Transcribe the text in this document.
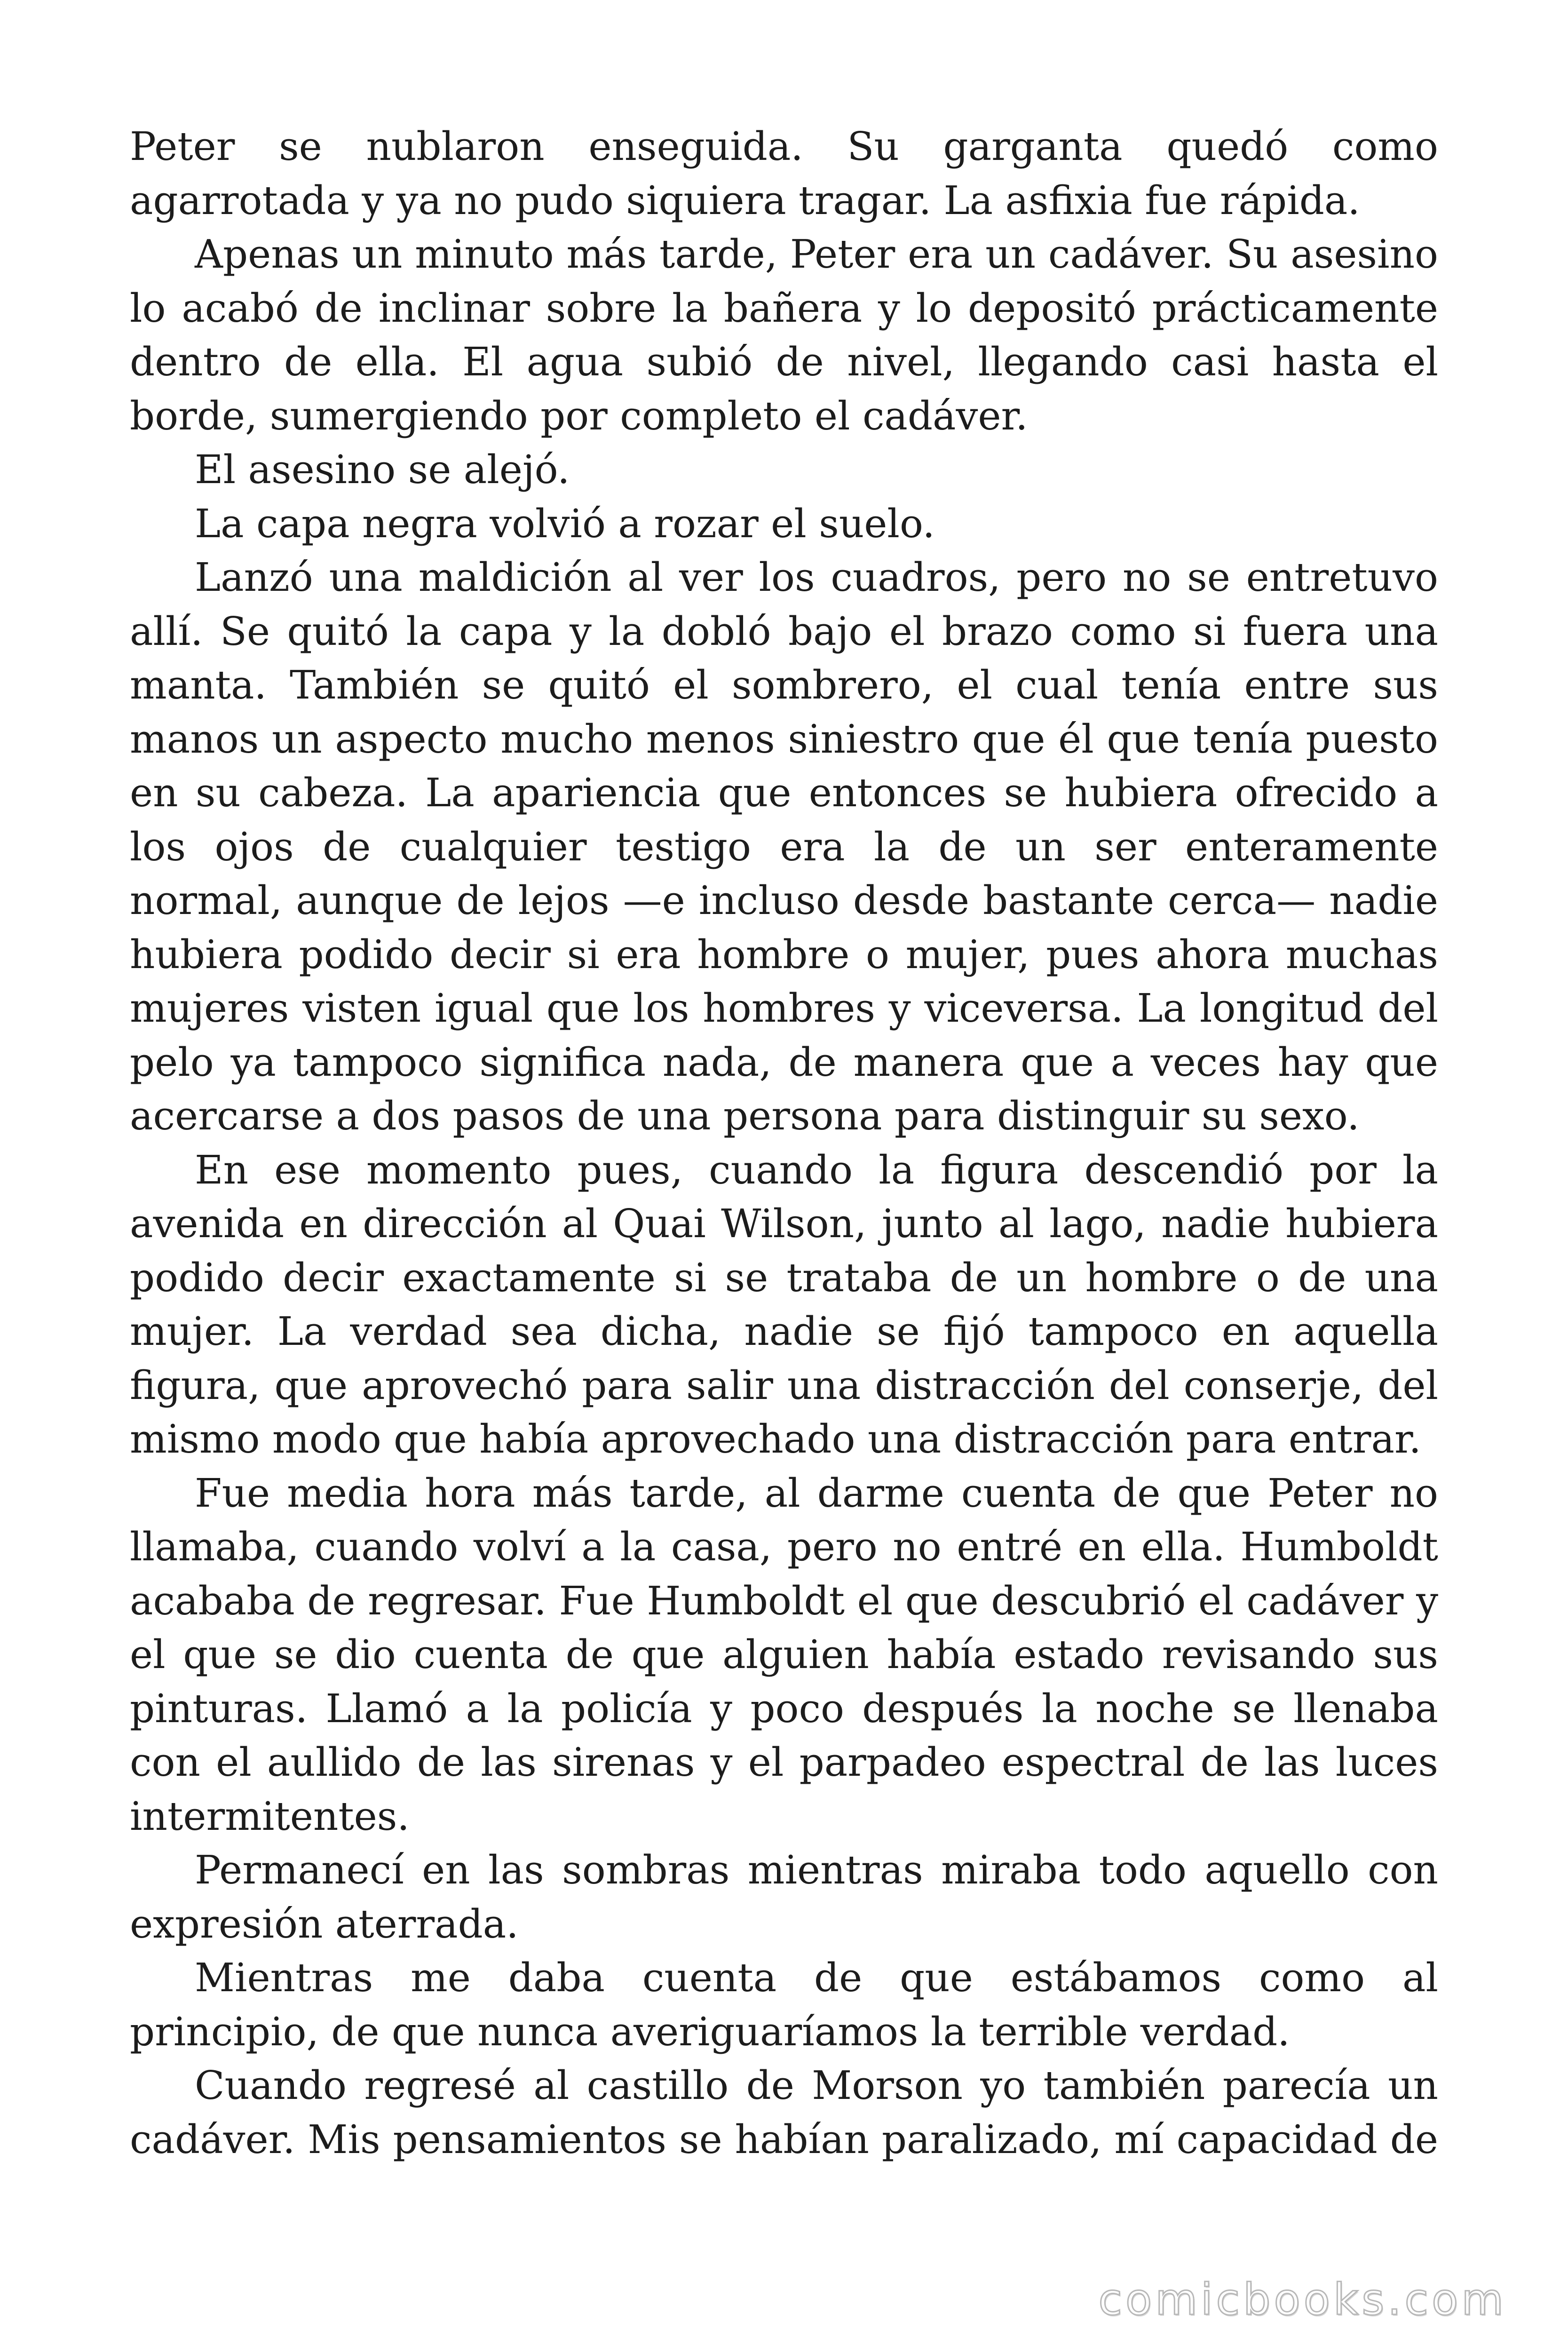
Peter se nublaron enseguida. Su garganta quedó como agarrotada y ya no pudo siquiera tragar. La asfixia fue rápida.

Apenas un minuto más tarde, Peter era un cadáver. Su asesino lo acabó de inclinar sobre la bañera y lo depositó prácticamente dentro de ella. El agua subió de nivel, llegando casi hasta el borde, sumergiendo por completo el cadáver.

El asesino se alejó.

La capa negra volvió a rozar el suelo.

Lanzó una maldición al ver los cuadros, pero no se entretuvo allí. Se quitó la capa y la dobló bajo el brazo como si fuera una manta. También se quitó el sombrero, el cual tenía entre sus manos un aspecto mucho menos siniestro que él que tenía puesto en su cabeza. La apariencia que entonces se hubiera ofrecido a los ojos de cualquier testigo era la de un ser enteramente normal, aunque de lejos —e incluso desde bastante cerca— nadie hubiera podido decir si era hombre o mujer, pues ahora muchas mujeres visten igual que los hombres y viceversa. La longitud del pelo ya tampoco significa nada, de manera que a veces hay que acercarse a dos pasos de una persona para distinguir su sexo.

En ese momento pues, cuando la figura descendió por la avenida en dirección al Quai Wilson, junto al lago, nadie hubiera podido decir exactamente si se trataba de un hombre o de una mujer. La verdad sea dicha, nadie se fijó tampoco en aquella figura, que aprovechó para salir una distracción del conserje, del mismo modo que había aprovechado una distracción para entrar.

Fue media hora más tarde, al darme cuenta de que Peter no llamaba, cuando volví a la casa, pero no entré en ella. Humboldt acababa de regresar. Fue Humboldt el que descubrió el cadáver y el que se dio cuenta de que alguien había estado revisando sus pinturas. Llamó a la policía y poco después la noche se llenaba con el aullido de las sirenas y el parpadeo espectral de las luces intermitentes.

Permanecí en las sombras mientras miraba todo aquello con expresión aterrada.

Mientras me daba cuenta de que estábamos como al principio, de que nunca averiguaríamos la terrible verdad.

Cuando regresé al castillo de Morson yo también parecía un cadáver. Mis pensamientos se habían paralizado, mí capacidad de

comicbooks.com
